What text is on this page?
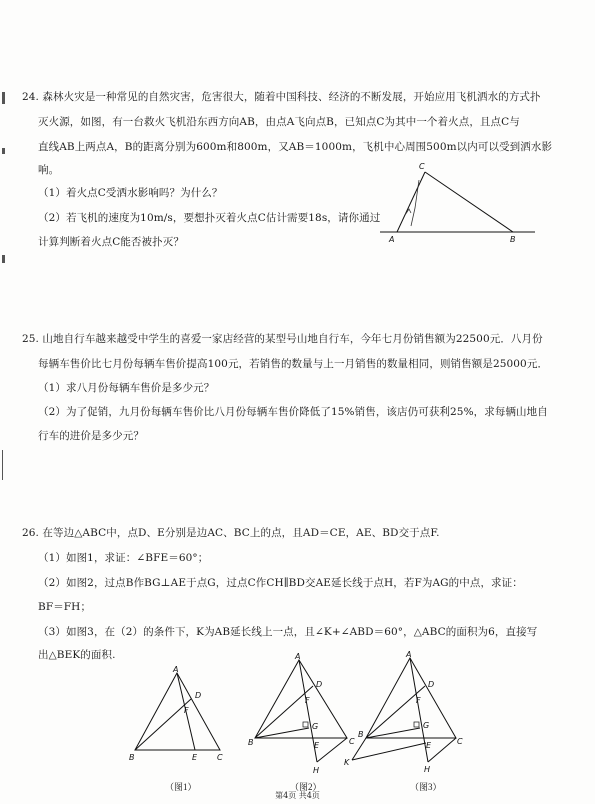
24. 森林火灾是一种常见的自然灾害，危害很大，随着中国科技、经济的不断发展，开始应用飞机洒水的方式扑
灭火源，如图，有一台救火飞机沿东西方向AB，由点A飞向点B，已知点C为其中一个着火点，且点C与
直线AB上两点A，B的距离分别为600m和800m，又AB＝1000m，飞机中心周围500m以内可以受到洒水影
响。
（1）着火点C受洒水影响吗？为什么？
（2）若飞机的速度为10m/s，要想扑灭着火点C估计需要18s，请你通过
计算判断着火点C能否被扑灭？
C
A	B
25. 山地自行车越来越受中学生的喜爱一家店经营的某型号山地自行车，今年七月份销售额为22500元．八月份
每辆车售价比七月份每辆车售价提高100元，若销售的数量与上一月销售的数量相同，则销售额是25000元．
（1）求八月份每辆车售价是多少元？
（2）为了促销，九月份每辆车售价比八月份每辆车售价降低了15%销售，该店仍可获利25%，求每辆山地自
行车的进价是多少元？
26. 在等边△ABC中，点D、E分别是边AC、BC上的点，且AD＝CE，AE、BD交于点F.
（1）如图1，求证：∠BFE＝60°；
（2）如图2，过点B作BG⊥AE于点G，过点C作CH∥BD交AE延长线于点H，若F为AG的中点，求证：
BF＝FH；
（3）如图3，在（2）的条件下，K为AB延长线上一点，且∠K+∠ABD＝60°，△ABC的面积为6，直接写
出△BEK的面积.
A
D
F
B	E C
（图1）
A
D
F
G
B	E	C
H
（图2）
A
D
F
G
B
E	C
K
H
（图3）
第4页 共4页
